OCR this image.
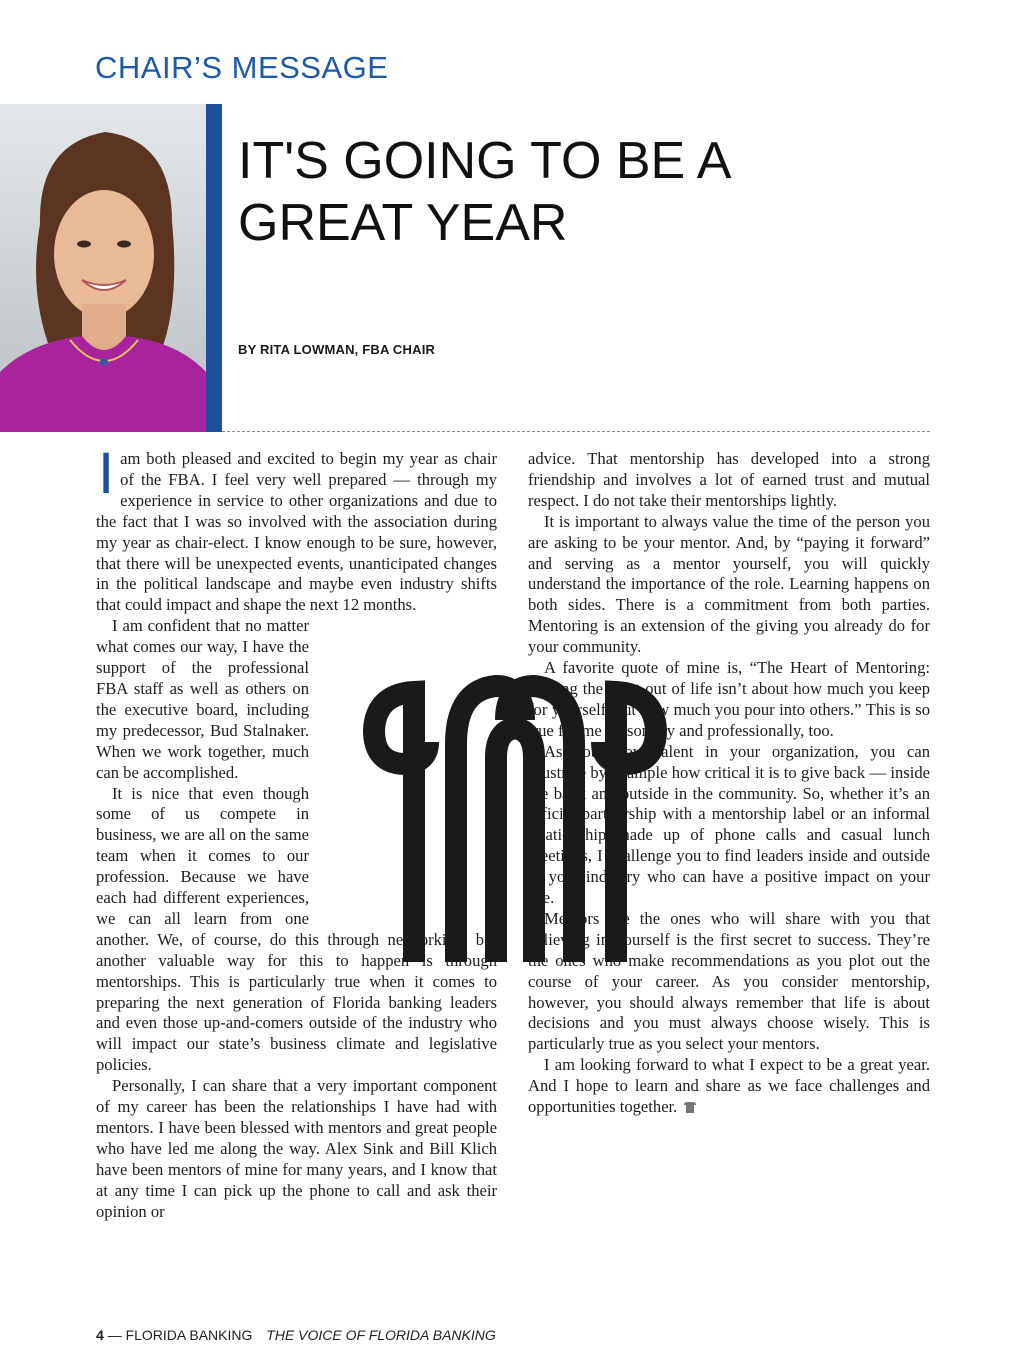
CHAIR’S MESSAGE
IT'S GOING TO BE A GREAT YEAR
BY RITA LOWMAN, FBA CHAIR

Iam both pleased and excited to begin my year as chair of the FBA. I feel very well prepared — through my experience in service to other organizations and due to the fact that I was so involved with the association during my year as chair-elect. I know enough to be sure, however, that there will be unexpected events, unanticipated changes in the political landscape and maybe even industry shifts that could impact and shape the next 12 months.

I am confident that no matter what comes our way, I have the support of the professional FBA staff as well as others on the executive board, including my predecessor, Bud Stalnaker. When we work together, much can be accomplished.

It is nice that even though some of us compete in business, we are all on the same team when it comes to our profession. Because we have each had different experiences, we can all learn from one another. We, of course, do this through networking, but another valuable way for this to happen is through mentorships. This is particularly true when it comes to preparing the next generation of Florida banking leaders and even those up-and-comers outside of the industry who will impact our state’s business climate and legislative policies.

Personally, I can share that a very important component of my career has been the relationships I have had with mentors. I have been blessed with mentors and great people who have led me along the way. Alex Sink and Bill Klich have been mentors of mine for many years, and I know that at any time I can pick up the phone to call and ask their opinion or

advice. That mentorship has developed into a strong friendship and involves a lot of earned trust and mutual respect. I do not take their mentorships lightly.

It is important to always value the time of the person you are asking to be your mentor. And, by “paying it forward” and serving as a mentor yourself, you will quickly understand the importance of the role. Learning happens on both sides. There is a commitment from both parties. Mentoring is an extension of the giving you already do for your community.

A favorite quote of mine is, “The Heart of Mentoring: Getting the most out of life isn’t about how much you keep for yourself, but how much you pour into others.” This is so true for me personally and professionally, too.

As you grow talent in your organization, you can illustrate by example how critical it is to give back — inside the bank and outside in the community. So, whether it’s an official partnership with a mentorship label or an informal relationship made up of phone calls and casual lunch meetings, I challenge you to find leaders inside and outside of your industry who can have a positive impact on your life.

Mentors are the ones who will share with you that believing in yourself is the first secret to success. They’re the ones who make recommendations as you plot out the course of your career. As you consider mentorship, however, you should always remember that life is about decisions and you must always choose wisely. This is particularly true as you select your mentors.

I am looking forward to what I expect to be a great year. And I hope to learn and share as we face challenges and opportunities together.

4 — FLORIDA BANKING THE VOICE OF FLORIDA BANKING
